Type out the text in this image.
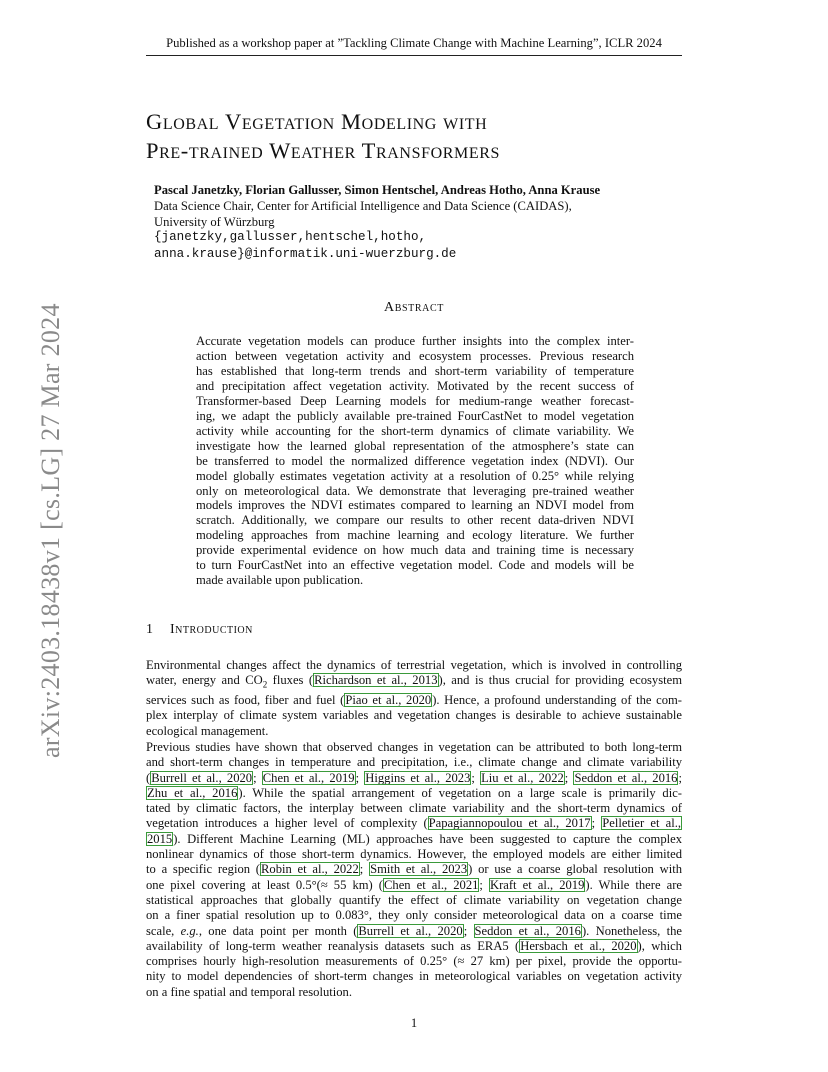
Published as a workshop paper at ”Tackling Climate Change with Machine Learning”, ICLR 2024
arXiv:2403.18438v1 [cs.LG] 27 Mar 2024
Global Vegetation Modeling with
Pre-trained Weather Transformers
Pascal Janetzky, Florian Gallusser, Simon Hentschel, Andreas Hotho, Anna Krause
Data Science Chair, Center for Artificial Intelligence and Data Science (CAIDAS),
University of Würzburg
{janetzky,gallusser,hentschel,hotho,
anna.krause}@informatik.uni-wuerzburg.de
Abstract
Accurate vegetation models can produce further insights into the complex inter-
action between vegetation activity and ecosystem processes. Previous research
has established that long-term trends and short-term variability of temperature
and precipitation affect vegetation activity. Motivated by the recent success of
Transformer-based Deep Learning models for medium-range weather forecast-
ing, we adapt the publicly available pre-trained FourCastNet to model vegetation
activity while accounting for the short-term dynamics of climate variability. We
investigate how the learned global representation of the atmosphere’s state can
be transferred to model the normalized difference vegetation index (NDVI). Our
model globally estimates vegetation activity at a resolution of 0.25° while relying
only on meteorological data. We demonstrate that leveraging pre-trained weather
models improves the NDVI estimates compared to learning an NDVI model from
scratch. Additionally, we compare our results to other recent data-driven NDVI
modeling approaches from machine learning and ecology literature. We further
provide experimental evidence on how much data and training time is necessary
to turn FourCastNet into an effective vegetation model. Code and models will be
made available upon publication.
1 Introduction
Environmental changes affect the dynamics of terrestrial vegetation, which is involved in controlling
water, energy and $CO_2$ fluxes (Richardson et al., 2013), and is thus crucial for providing ecosystem
services such as food, fiber and fuel (Piao et al., 2020). Hence, a profound understanding of the com-
plex interplay of climate system variables and vegetation changes is desirable to achieve sustainable
ecological management.
Previous studies have shown that observed changes in vegetation can be attributed to both long-term
and short-term changes in temperature and precipitation, i.e., climate change and climate variability
(Burrell et al., 2020; Chen et al., 2019; Higgins et al., 2023; Liu et al., 2022; Seddon et al., 2016;
Zhu et al., 2016). While the spatial arrangement of vegetation on a large scale is primarily dic-
tated by climatic factors, the interplay between climate variability and the short-term dynamics of
vegetation introduces a higher level of complexity (Papagiannopoulou et al., 2017; Pelletier et al.,
2015). Different Machine Learning (ML) approaches have been suggested to capture the complex
nonlinear dynamics of those short-term dynamics. However, the employed models are either limited
to a specific region (Robin et al., 2022; Smith et al., 2023) or use a coarse global resolution with
one pixel covering at least 0.5°(≈ 55 km) (Chen et al., 2021; Kraft et al., 2019). While there are
statistical approaches that globally quantify the effect of climate variability on vegetation change
on a finer spatial resolution up to 0.083°, they only consider meteorological data on a coarse time
scale, e.g., one data point per month (Burrell et al., 2020; Seddon et al., 2016). Nonetheless, the
availability of long-term weather reanalysis datasets such as ERA5 (Hersbach et al., 2020), which
comprises hourly high-resolution measurements of 0.25° (≈ 27 km) per pixel, provide the opportu-
nity to model dependencies of short-term changes in meteorological variables on vegetation activity
on a fine spatial and temporal resolution.
1
